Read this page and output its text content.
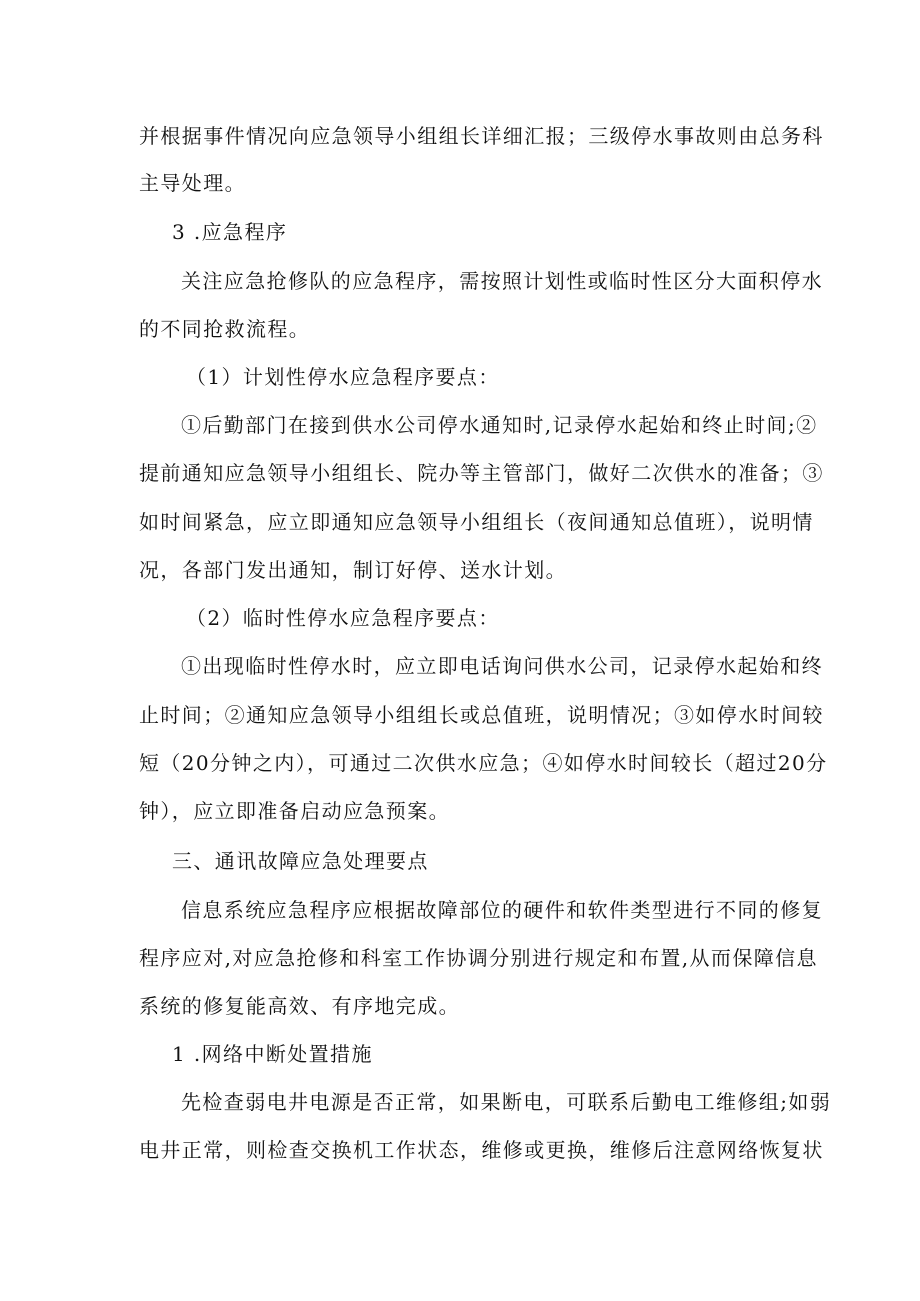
并根据事件情况向应急领导小组组长详细汇报；三级停水事故则由总务科
主导处理。
3 .应急程序
关注应急抢修队的应急程序，需按照计划性或临时性区分大面积停水
的不同抢救流程。
（1）计划性停水应急程序要点：
①后勤部门在接到供水公司停水通知时,记录停水起始和终止时间;②
提前通知应急领导小组组长、院办等主管部门，做好二次供水的准备；③
如时间紧急，应立即通知应急领导小组组长（夜间通知总值班），说明情
况，各部门发出通知，制订好停、送水计划。
（2）临时性停水应急程序要点：
①出现临时性停水时，应立即电话询问供水公司，记录停水起始和终
止时间；②通知应急领导小组组长或总值班，说明情况；③如停水时间较
短（20分钟之内），可通过二次供水应急；④如停水时间较长（超过20分
钟），应立即准备启动应急预案。
三、通讯故障应急处理要点
信息系统应急程序应根据故障部位的硬件和软件类型进行不同的修复
程序应对,对应急抢修和科室工作协调分别进行规定和布置,从而保障信息
系统的修复能高效、有序地完成。
1 .网络中断处置措施
先检查弱电井电源是否正常，如果断电，可联系后勤电工维修组;如弱
电井正常，则检查交换机工作状态，维修或更换，维修后注意网络恢复状
